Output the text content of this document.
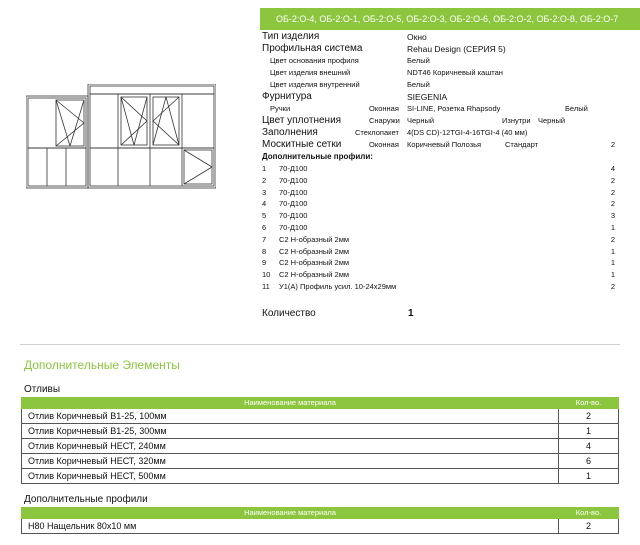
ОБ-2:О-4, ОБ-2:О-1, ОБ-2:О-5, ОБ-2:О-3, ОБ-2:О-6, ОБ-2:О-2, ОБ-2:О-8, ОБ-2:О-7
Тип изделия	Окно
Профильная система	Rehau Design (СЕРИЯ 5)
Цвет основания профиля	Белый
Цвет изделия внешний	NDT46 Коричневый каштан
Цвет изделия внутренний	Белый
Фурнитура	SIEGENIA
Ручки	Оконная SI-LINE, Розетка Rhapsody	Белый
Цвет уплотнения	Снаружи Черный	Изнутри Черный
Заполнения	Стеклопакет 4(DS CD)-12TGI-4-16TGI-4 (40 мм)
Москитные сетки	Оконная Коричневый Полозья	Стандарт	2
Дополнительные профили:
1 70-Д100	4
2 70-Д100	2
3 70-Д100	2
4 70-Д100	2
5 70-Д100	3
6 70-Д100	1
7 С2 Н-образный 2мм	2
8 С2 Н-образный 2мм	1
9 С2 Н-образный 2мм	1
10 С2 Н-образный 2мм	1
11 У1(А) Профиль усил. 10-24х29мм	2
Количество	1
Дополнительные Элементы
Отливы
Наименование материала	Кол-во.
Отлив Коричневый В1-25, 100мм	2
Отлив Коричневый В1-25, 300мм	1
Отлив Коричневый НЕСТ, 240мм	4
Отлив Коричневый НЕСТ, 320мм	6
Отлив Коричневый НЕСТ, 500мм	1
Дополнительные профили
Наименование материала	Кол-во.
Н80 Нащельник 80х10 мм	2
